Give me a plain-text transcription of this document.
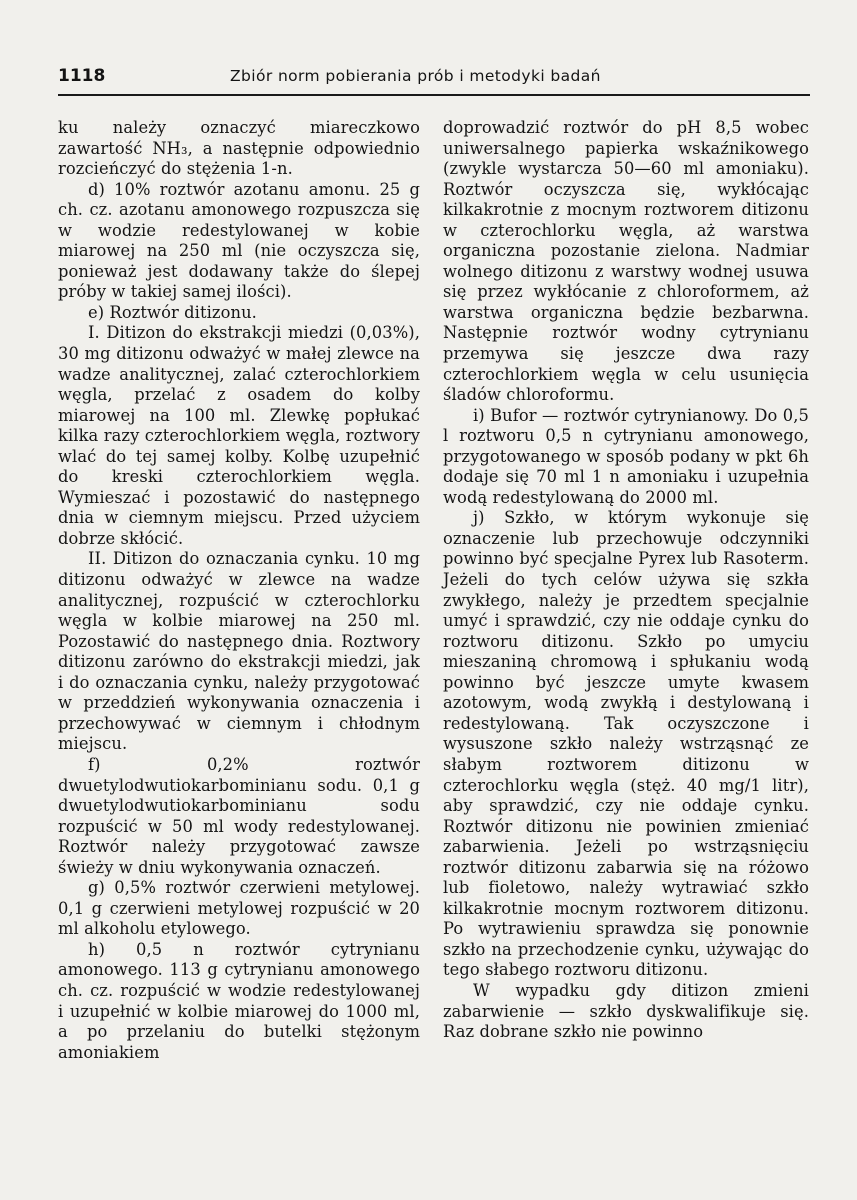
1118	Zbiór norm pobierania prób i metodyki badań

ku należy oznaczyć miareczkowo zawartość NH₃, a następnie odpowiednio rozcieńczyć do stężenia 1-n.

d) 10% roztwór azotanu amonu. 25 g ch. cz. azotanu amonowego rozpuszcza się w wodzie redestylowanej w kobie miarowej na 250 ml (nie oczyszcza się, ponieważ jest dodawany także do ślepej próby w takiej samej ilości).

e) Roztwór ditizonu.

I. Ditizon do ekstrakcji miedzi (0,03%), 30 mg ditizonu odważyć w małej zlewce na wadze analitycznej, zalać czterochlorkiem węgla, przelać z osadem do kolby miarowej na 100 ml. Zlewkę popłukać kilka razy czterochlorkiem węgla, roztwory wlać do tej samej kolby. Kolbę uzupełnić do kreski czterochlorkiem węgla. Wymieszać i pozostawić do następnego dnia w ciemnym miejscu. Przed użyciem dobrze skłócić.

II. Ditizon do oznaczania cynku. 10 mg ditizonu odważyć w zlewce na wadze analitycznej, rozpuścić w czterochlorku węgla w kolbie miarowej na 250 ml. Pozostawić do następnego dnia. Roztwory ditizonu zarówno do ekstrakcji miedzi, jak i do oznaczania cynku, należy przygotować w przeddzień wykonywania oznaczenia i przechowywać w ciemnym i chłodnym miejscu.

f) 0,2% roztwór dwuetylodwutiokarbominianu sodu. 0,1 g dwuetylodwutiokarbominianu sodu rozpuścić w 50 ml wody redestylowanej. Roztwór należy przygotować zawsze świeży w dniu wykonywania oznaczeń.

g) 0,5% roztwór czerwieni metylowej. 0,1 g czerwieni metylowej rozpuścić w 20 ml alkoholu etylowego.

h) 0,5 n roztwór cytrynianu amonowego. 113 g cytrynianu amonowego ch. cz. rozpuścić w wodzie redestylowanej i uzupełnić w kolbie miarowej do 1000 ml, a po przelaniu do butelki stężonym amoniakiem

doprowadzić roztwór do pH 8,5 wobec uniwersalnego papierka wskaźnikowego (zwykle wystarcza 50—60 ml amoniaku). Roztwór oczyszcza się, wykłócając kilkakrotnie z mocnym roztworem ditizonu w czterochlorku węgla, aż warstwa organiczna pozostanie zielona. Nadmiar wolnego ditizonu z warstwy wodnej usuwa się przez wykłócanie z chloroformem, aż warstwa organiczna będzie bezbarwna. Następnie roztwór wodny cytrynianu przemywa się jeszcze dwa razy czterochlorkiem węgla w celu usunięcia śladów chloroformu.

i) Bufor — roztwór cytrynianowy. Do 0,5 l roztworu 0,5 n cytrynianu amonowego, przygotowanego w sposób podany w pkt 6h dodaje się 70 ml 1 n amoniaku i uzupełnia wodą redestylowaną do 2000 ml.

j) Szkło, w którym wykonuje się oznaczenie lub przechowuje odczynniki powinno być specjalne Pyrex lub Rasoterm. Jeżeli do tych celów używa się szkła zwykłego, należy je przedtem specjalnie umyć i sprawdzić, czy nie oddaje cynku do roztworu ditizonu. Szkło po umyciu mieszaniną chromową i spłukaniu wodą powinno być jeszcze umyte kwasem azotowym, wodą zwykłą i destylowaną i redestylowaną. Tak oczyszczone i wysuszone szkło należy wstrząsnąć ze słabym roztworem ditizonu w czterochlorku węgla (stęż. 40 mg/1 litr), aby sprawdzić, czy nie oddaje cynku. Roztwór ditizonu nie powinien zmieniać zabarwienia. Jeżeli po wstrząsnięciu roztwór ditizonu zabarwia się na różowo lub fioletowo, należy wytrawiać szkło kilkakrotnie mocnym roztworem ditizonu. Po wytrawieniu sprawdza się ponownie szkło na przechodzenie cynku, używając do tego słabego roztworu ditizonu.

W wypadku gdy ditizon zmieni zabarwienie — szkło dyskwalifikuje się. Raz dobrane szkło nie powinno
